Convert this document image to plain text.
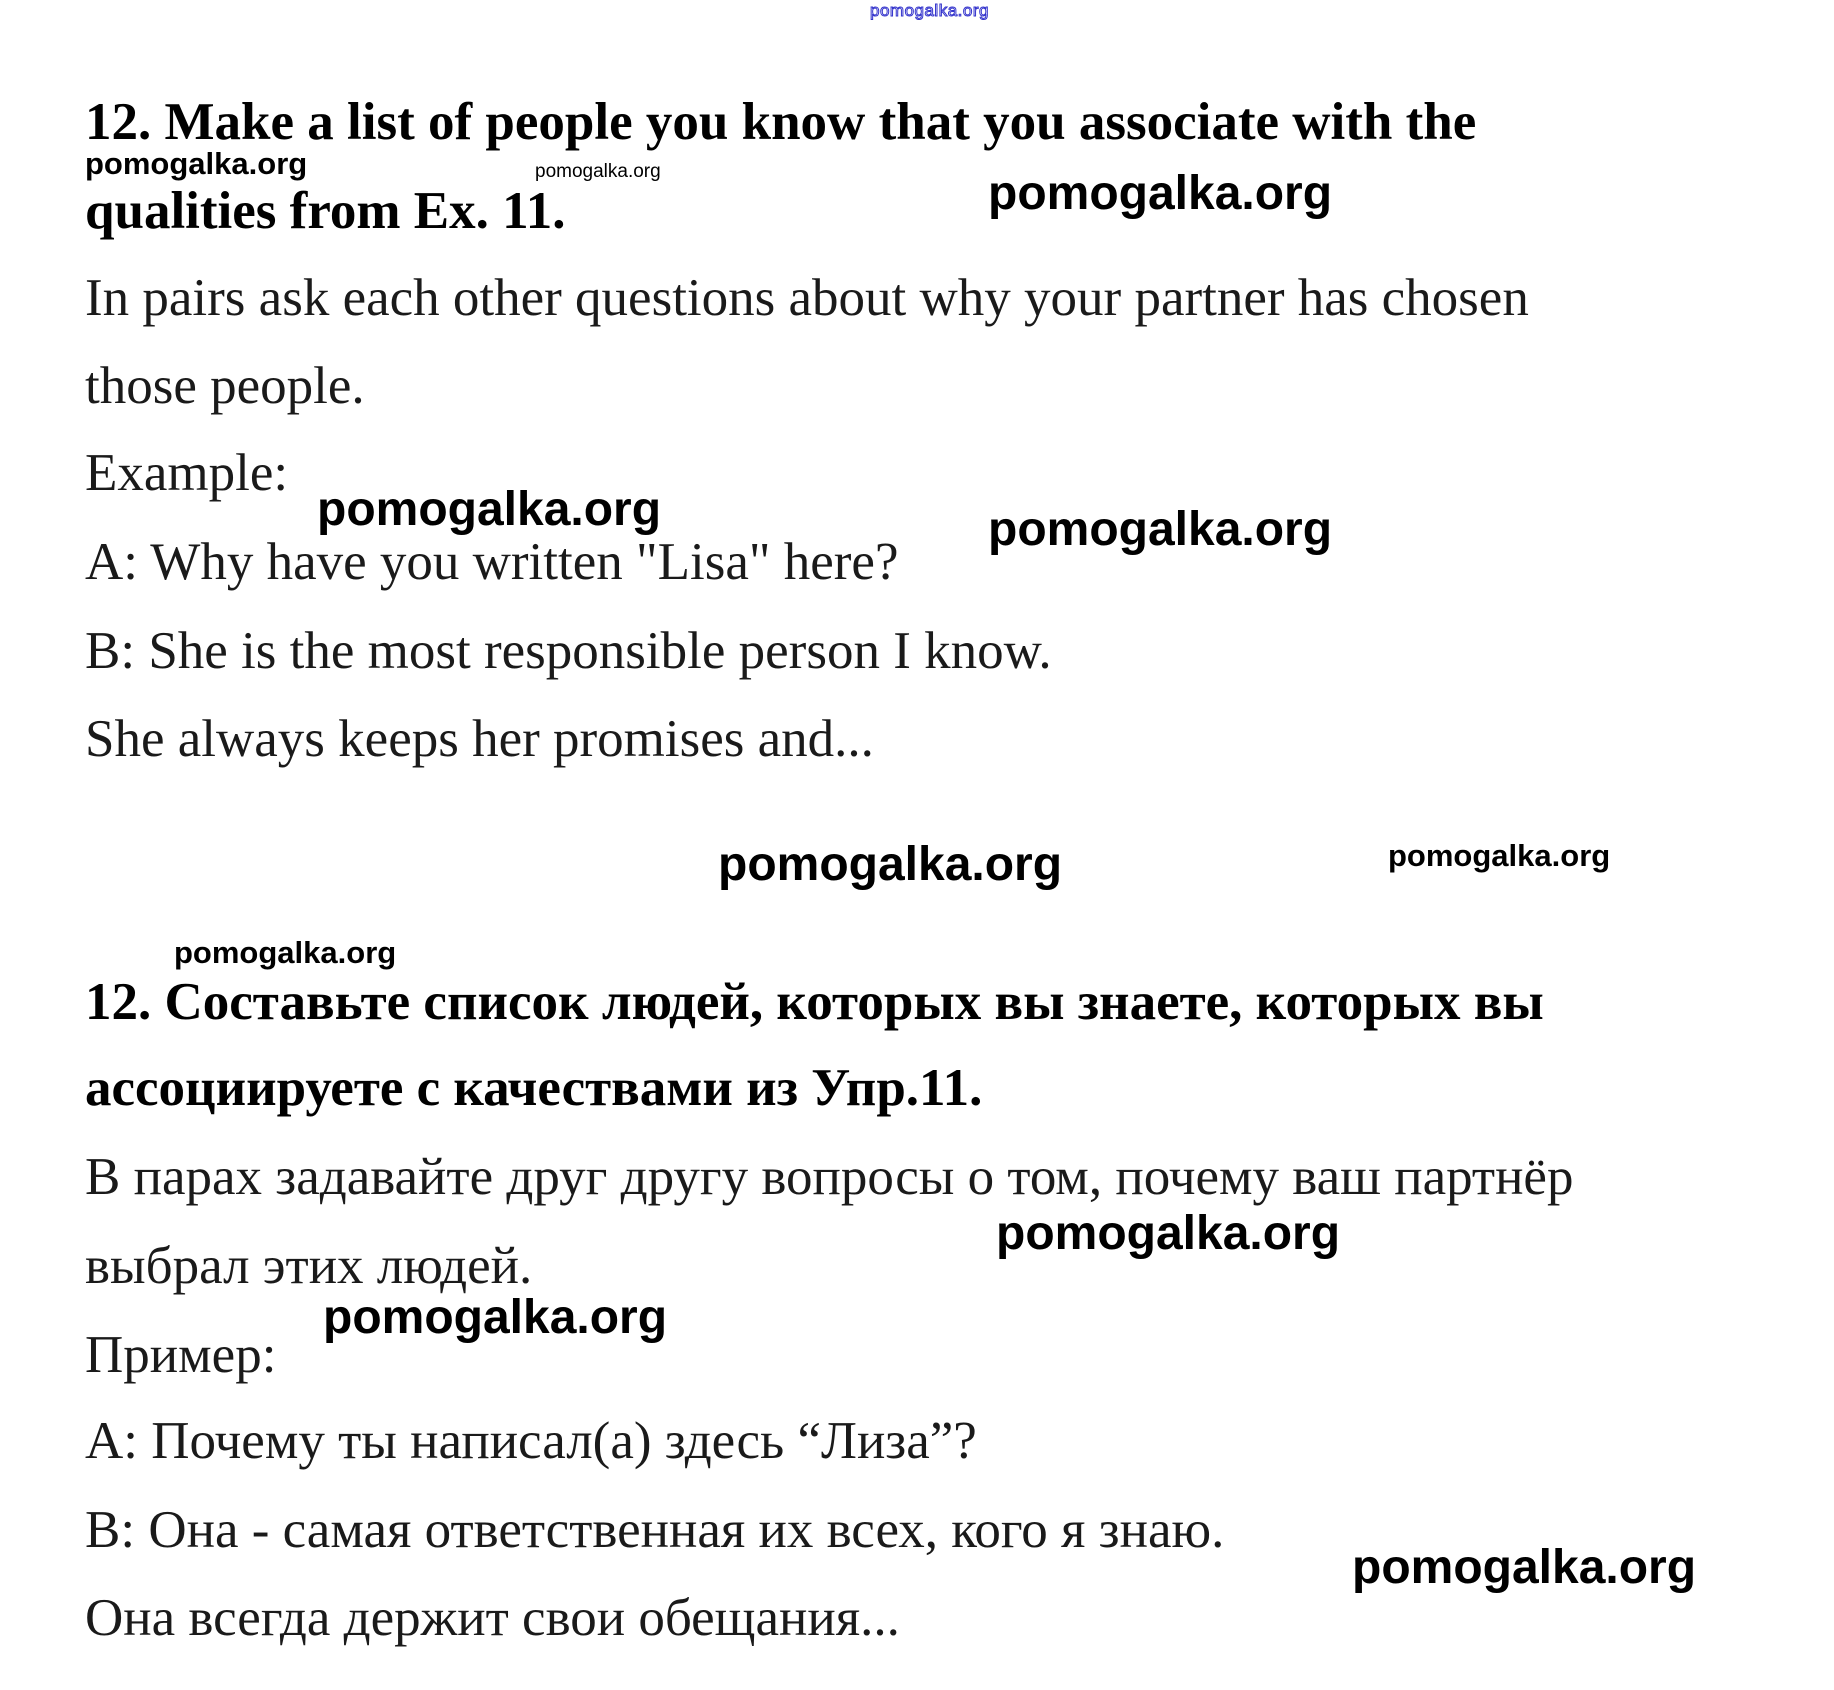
pomogalka.org
12. Make a list of people you know that you associate with the
pomogalka.org	pomogalka.org
qualities from Ex. 11.	pomogalka.org
In pairs ask each other questions about why your partner has chosen
those people.
Example:
pomogalka.org
A: Why have you written "Lisa" here?
pomogalka.org
B: She is the most responsible person I know.
She always keeps her promises and...
pomogalka.org	pomogalka.org
pomogalka.org
12. Составьте список людей, которых вы знаете, которых вы
ассоциируете с качествами из Упр.11.
В парах задавайте друг другу вопросы о том, почему ваш партнёр
pomogalka.org
выбрал этих людей.
pomogalka.org
Пример:
А: Почему ты написал(а) здесь “Лиза”?
В: Она - самая ответственная их всех, кого я знаю.
pomogalka.org
Она всегда держит свои обещания...
